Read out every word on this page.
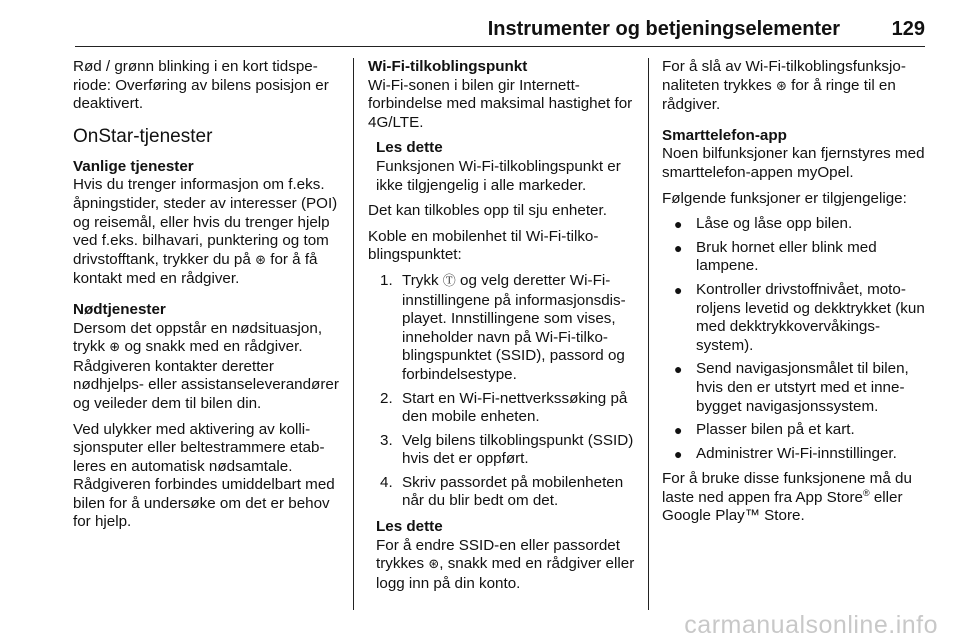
Instrumenter og betjeningselementer	129

Rød / grønn blinking i en kort tidsperiode: Overføring av bilens posisjon er deaktivert.

OnStar-tjenester
Vanlige tjenester

Hvis du trenger informasjon om f.eks. åpningstider, steder av interesser (POI) og reisemål, eller hvis du trenger hjelp ved f.eks. bilhavari, punktering og tom drivstofftank, trykker du på ⊛ for å få kontakt med en rådgiver.

Nødtjenester

Dersom det oppstår en nødsituasjon, trykk ⊕ og snakk med en rådgiver. Rådgiveren kontakter deretter nødhjelps- eller assistanseleverandører og veileder dem til bilen din.

Ved ulykker med aktivering av kollisjonsputer eller beltestrammere etableres en automatisk nødsamtale. Rådgiveren forbindes umiddelbart med bilen for å undersøke om det er behov for hjelp.

Wi-Fi-tilkoblingspunkt

Wi-Fi-sonen i bilen gir Internett-forbindelse med maksimal hastighet for 4G/LTE.

Les dette
Funksjonen Wi-Fi-tilkoblingspunkt er ikke tilgjengelig i alle markeder.

Det kan tilkobles opp til sju enheter.

Koble en mobilenhet til Wi-Fi-tilkoblingspunktet:

1. Trykk Ⓣ og velg deretter Wi-Fi-innstillingene på informasjonsdisplayet. Innstillingene som vises, inneholder navn på Wi-Fi-tilkoblingspunktet (SSID), passord og forbindelsestype.
2. Start en Wi-Fi-nettverkssøking på den mobile enheten.
3. Velg bilens tilkoblingspunkt (SSID) hvis det er oppført.
4. Skriv passordet på mobilenheten når du blir bedt om det.
Les dette
For å endre SSID-en eller passordet trykkes ⊛, snakk med en rådgiver eller logg inn på din konto.

For å slå av Wi-Fi-tilkoblingsfunksjonaliteten trykkes ⊛ for å ringe til en rådgiver.

Smarttelefon-app

Noen bilfunksjoner kan fjernstyres med smarttelefon-appen myOpel.

Følgende funksjoner er tilgjengelige:

● Låse og låse opp bilen.
● Bruk hornet eller blink med lampene.
● Kontroller drivstoffnivået, motoroljens levetid og dekktrykket (kun med dekktrykkovervåkingssystem).
● Send navigasjonsmålet til bilen, hvis den er utstyrt med et innebygget navigasjonssystem.
● Plasser bilen på et kart.
● Administrer Wi-Fi-innstillinger.

For å bruke disse funksjonene må du laste ned appen fra App Store® eller Google Play™ Store.

carmanualsonline.info
